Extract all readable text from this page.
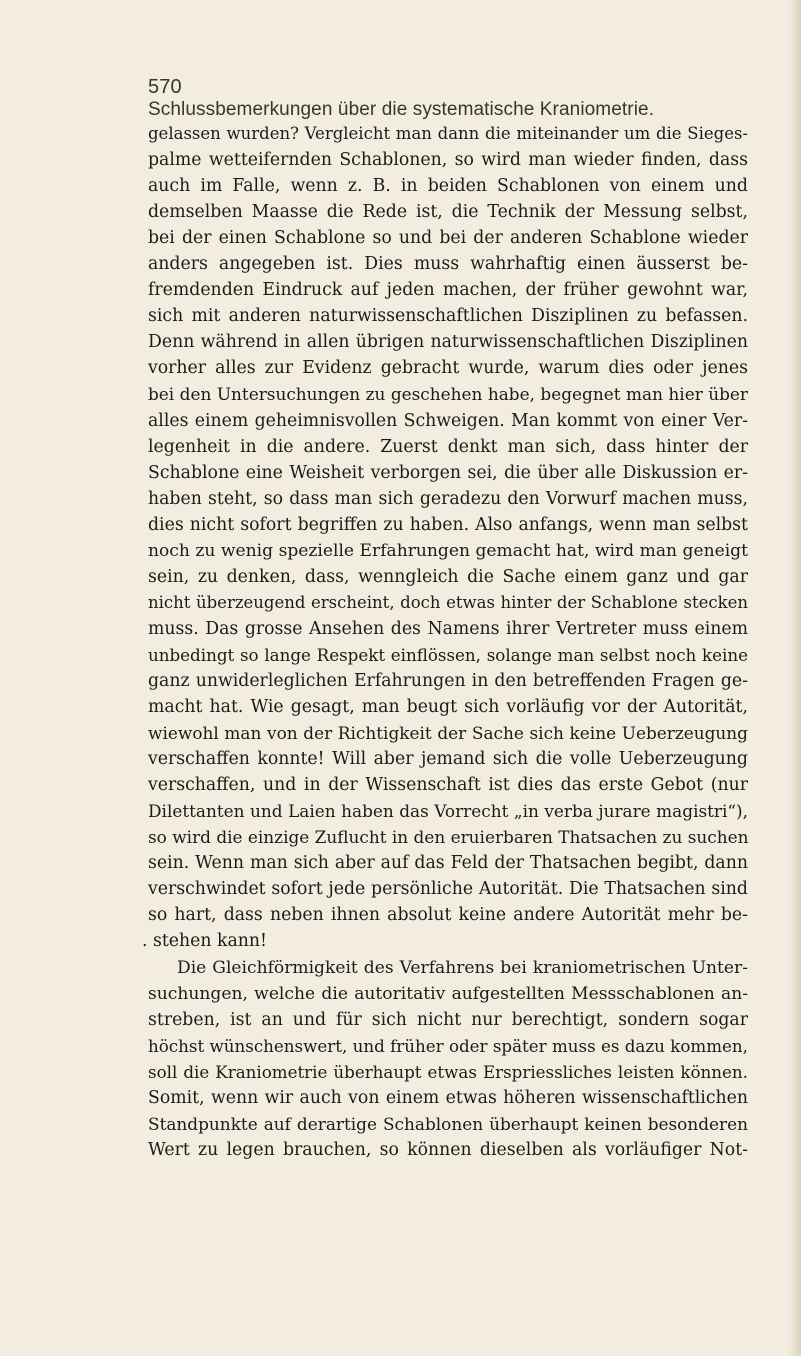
570Schlussbemerkungen über die systematische Kraniometrie.
gelassen wurden? Vergleicht man dann die miteinander um die Sieges-
palme wetteifernden Schablonen, so wird man wieder finden, dass
auch im Falle, wenn z. B. in beiden Schablonen von einem und
demselben Maasse die Rede ist, die Technik der Messung selbst,
bei der einen Schablone so und bei der anderen Schablone wieder
anders angegeben ist. Dies muss wahrhaftig einen äusserst be-
fremdenden Eindruck auf jeden machen, der früher gewohnt war,
sich mit anderen naturwissenschaftlichen Disziplinen zu befassen.
Denn während in allen übrigen naturwissenschaftlichen Disziplinen
vorher alles zur Evidenz gebracht wurde, warum dies oder jenes
bei den Untersuchungen zu geschehen habe, begegnet man hier über
alles einem geheimnisvollen Schweigen. Man kommt von einer Ver-
legenheit in die andere. Zuerst denkt man sich, dass hinter der
Schablone eine Weisheit verborgen sei, die über alle Diskussion er-
haben steht, so dass man sich geradezu den Vorwurf machen muss,
dies nicht sofort begriffen zu haben. Also anfangs, wenn man selbst
noch zu wenig spezielle Erfahrungen gemacht hat, wird man geneigt
sein, zu denken, dass, wenngleich die Sache einem ganz und gar
nicht überzeugend erscheint, doch etwas hinter der Schablone stecken
muss. Das grosse Ansehen des Namens ihrer Vertreter muss einem
unbedingt so lange Respekt einflössen, solange man selbst noch keine
ganz unwiderleglichen Erfahrungen in den betreffenden Fragen ge-
macht hat. Wie gesagt, man beugt sich vorläufig vor der Autorität,
wiewohl man von der Richtigkeit der Sache sich keine Ueberzeugung
verschaffen konnte! Will aber jemand sich die volle Ueberzeugung
verschaffen, und in der Wissenschaft ist dies das erste Gebot (nur
Dilettanten und Laien haben das Vorrecht „in verba jurare magistri“),
so wird die einzige Zuflucht in den eruierbaren Thatsachen zu suchen
sein. Wenn man sich aber auf das Feld der Thatsachen begibt, dann
verschwindet sofort jede persönliche Autorität. Die Thatsachen sind
so hart, dass neben ihnen absolut keine andere Autorität mehr be-
. stehen kann!
Die Gleichförmigkeit des Verfahrens bei kraniometrischen Unter-
suchungen, welche die autoritativ aufgestellten Messschablonen an-
streben, ist an und für sich nicht nur berechtigt, sondern sogar
höchst wünschenswert, und früher oder später muss es dazu kommen,
soll die Kraniometrie überhaupt etwas Erspriessliches leisten können.
Somit, wenn wir auch von einem etwas höheren wissenschaftlichen
Standpunkte auf derartige Schablonen überhaupt keinen besonderen
Wert zu legen brauchen, so können dieselben als vorläufiger Not-
